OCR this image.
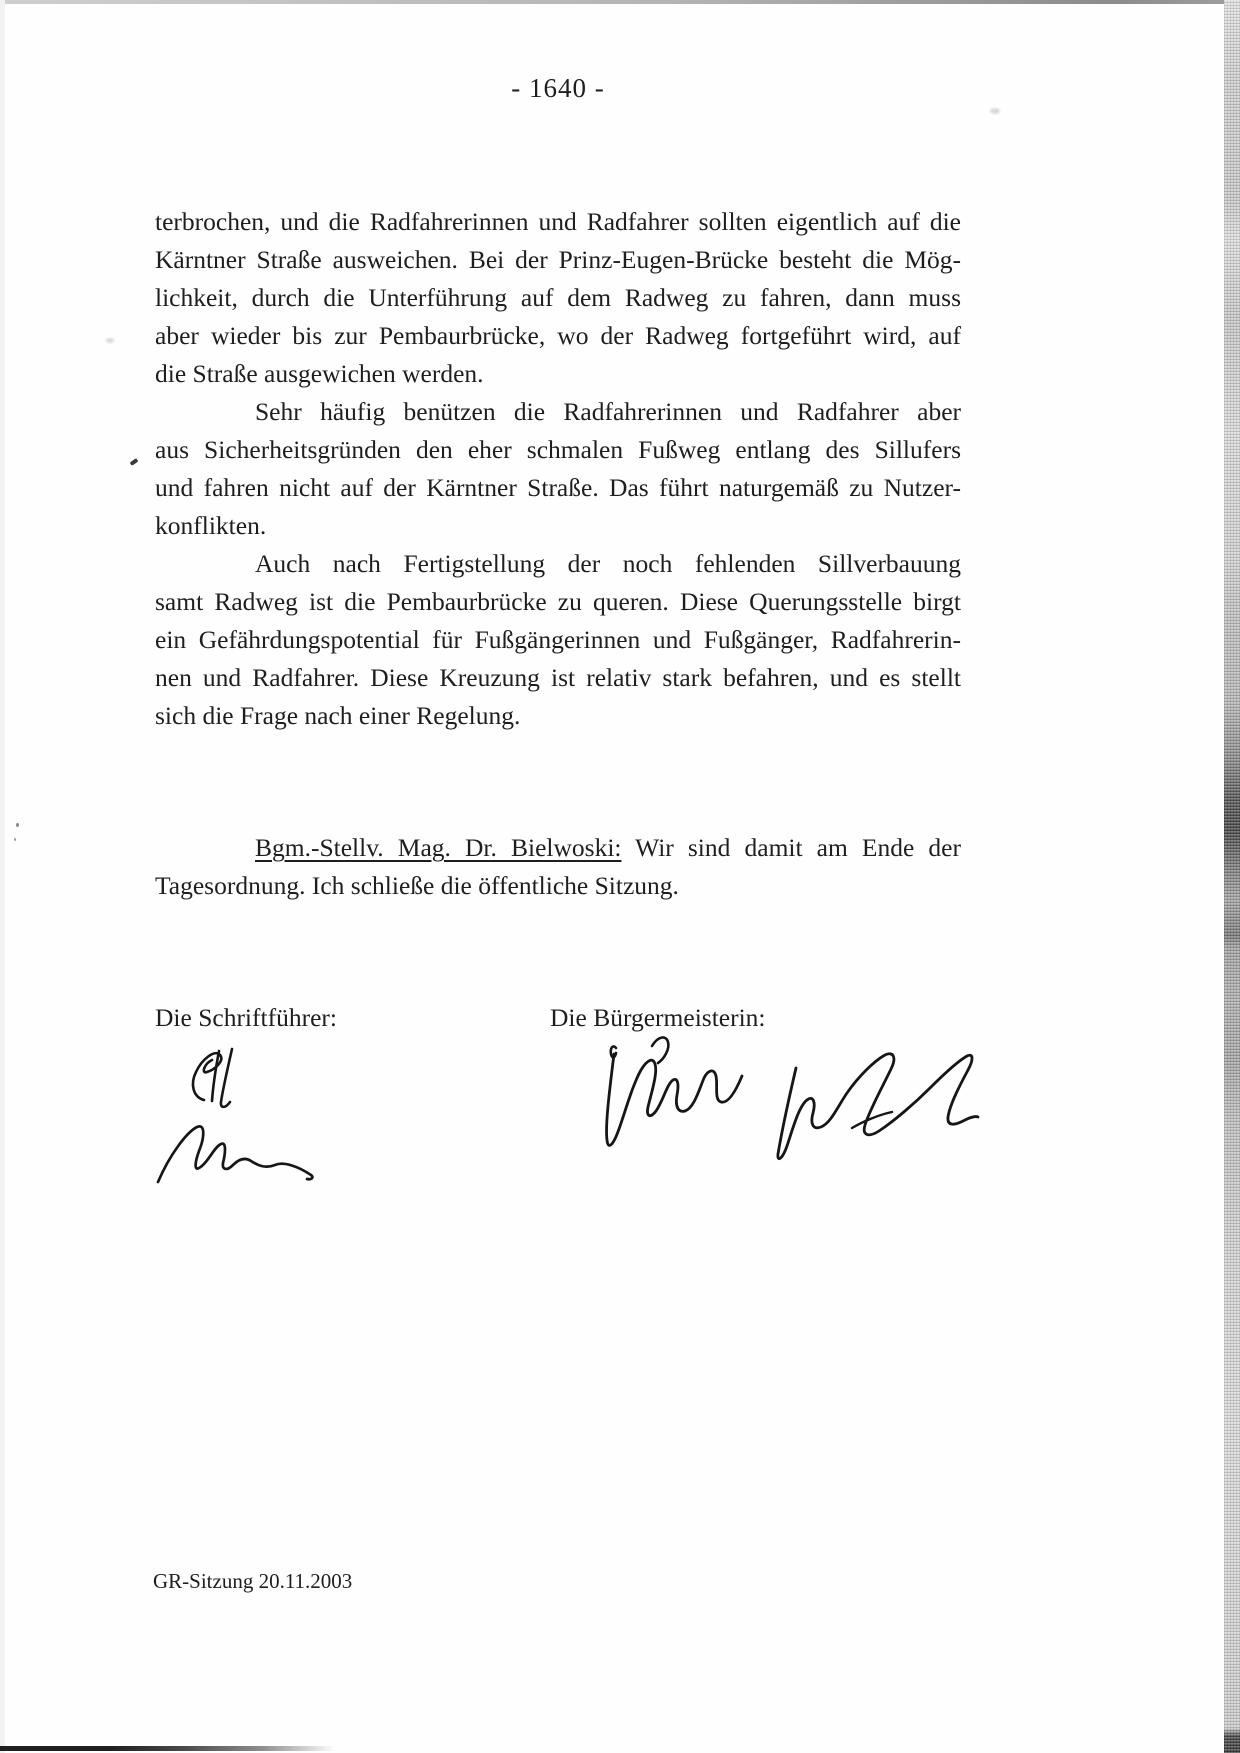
- 1640 -
terbrochen, und die Radfahrerinnen und Radfahrer sollten eigentlich auf die
Kärntner Straße ausweichen. Bei der Prinz-Eugen-Brücke besteht die Mög-
lichkeit, durch die Unterführung auf dem Radweg zu fahren, dann muss
aber wieder bis zur Pembaurbrücke, wo der Radweg fortgeführt wird, auf
die Straße ausgewichen werden.
Sehr häufig benützen die Radfahrerinnen und Radfahrer aber
aus Sicherheitsgründen den eher schmalen Fußweg entlang des Sillufers
und fahren nicht auf der Kärntner Straße. Das führt naturgemäß zu Nutzer-
konflikten.
Auch nach Fertigstellung der noch fehlenden Sillverbauung
samt Radweg ist die Pembaurbrücke zu queren. Diese Querungsstelle birgt
ein Gefährdungspotential für Fußgängerinnen und Fußgänger, Radfahrerin-
nen und Radfahrer. Diese Kreuzung ist relativ stark befahren, und es stellt
sich die Frage nach einer Regelung.
Bgm.-Stellv. Mag. Dr. Bielwoski: Wir sind damit am Ende der
Tagesordnung. Ich schließe die öffentliche Sitzung.
Die Schriftführer:	Die Bürgermeisterin:
GR-Sitzung 20.11.2003
